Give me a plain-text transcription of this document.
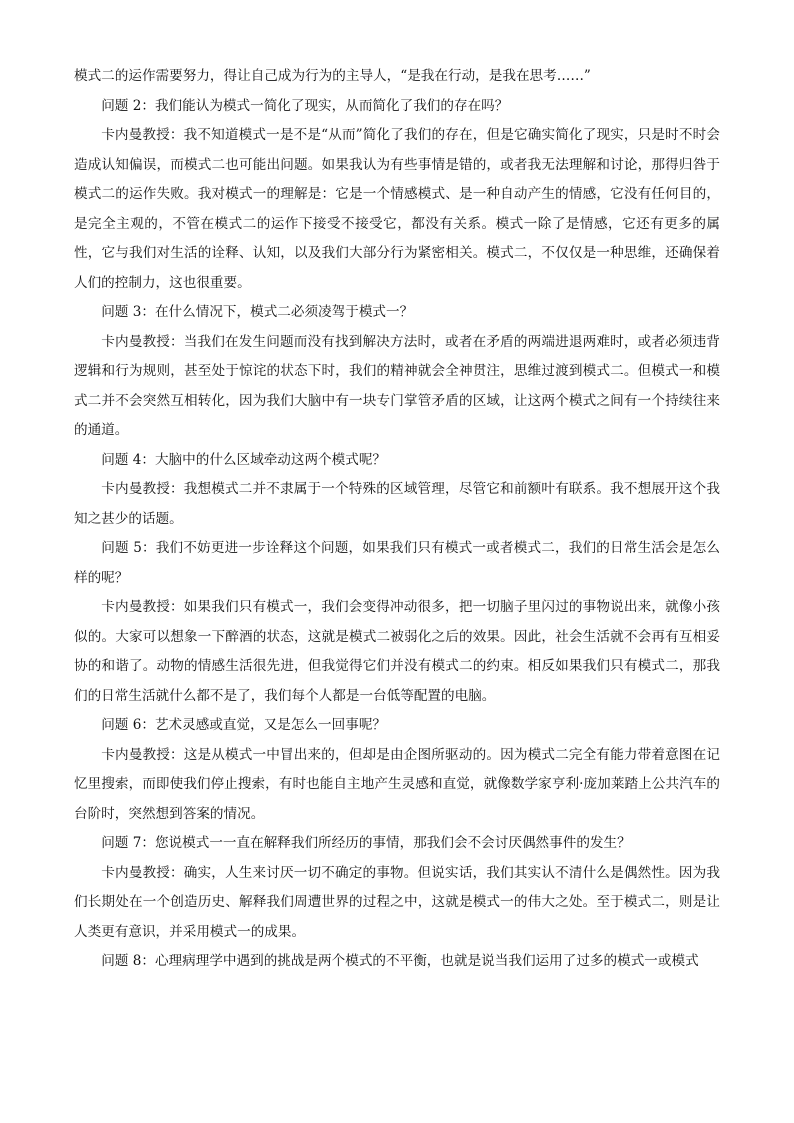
模式二的运作需要努力，得让自己成为行为的主导人，“是我在行动，是我在思考……”

问题 2：我们能认为模式一简化了现实，从而简化了我们的存在吗？

卡内曼教授：我不知道模式一是不是“从而”简化了我们的存在，但是它确实简化了现实，只是时不时会造成认知偏误，而模式二也可能出问题。如果我认为有些事情是错的，或者我无法理解和讨论，那得归咎于模式二的运作失败。我对模式一的理解是：它是一个情感模式、是一种自动产生的情感，它没有任何目的，是完全主观的，不管在模式二的运作下接受不接受它，都没有关系。模式一除了是情感，它还有更多的属性，它与我们对生活的诠释、认知，以及我们大部分行为紧密相关。模式二，不仅仅是一种思维，还确保着人们的控制力，这也很重要。

问题 3：在什么情况下，模式二必须凌驾于模式一？

卡内曼教授：当我们在发生问题而没有找到解决方法时，或者在矛盾的两端进退两难时，或者必须违背逻辑和行为规则，甚至处于惊诧的状态下时，我们的精神就会全神贯注，思维过渡到模式二。但模式一和模式二并不会突然互相转化，因为我们大脑中有一块专门掌管矛盾的区域，让这两个模式之间有一个持续往来的通道。

问题 4：大脑中的什么区域牵动这两个模式呢？

卡内曼教授：我想模式二并不隶属于一个特殊的区域管理，尽管它和前额叶有联系。我不想展开这个我知之甚少的话题。

问题 5：我们不妨更进一步诠释这个问题，如果我们只有模式一或者模式二，我们的日常生活会是怎么样的呢？

卡内曼教授：如果我们只有模式一，我们会变得冲动很多，把一切脑子里闪过的事物说出来，就像小孩似的。大家可以想象一下醉酒的状态，这就是模式二被弱化之后的效果。因此，社会生活就不会再有互相妥协的和谐了。动物的情感生活很先进，但我觉得它们并没有模式二的约束。相反如果我们只有模式二，那我们的日常生活就什么都不是了，我们每个人都是一台低等配置的电脑。

问题 6：艺术灵感或直觉，又是怎么一回事呢？

卡内曼教授：这是从模式一中冒出来的，但却是由企图所驱动的。因为模式二完全有能力带着意图在记忆里搜索，而即使我们停止搜索，有时也能自主地产生灵感和直觉，就像数学家亨利·庞加莱踏上公共汽车的台阶时，突然想到答案的情况。

问题 7：您说模式一一直在解释我们所经历的事情，那我们会不会讨厌偶然事件的发生？

卡内曼教授：确实，人生来讨厌一切不确定的事物。但说实话，我们其实认不清什么是偶然性。因为我们长期处在一个创造历史、解释我们周遭世界的过程之中，这就是模式一的伟大之处。至于模式二，则是让人类更有意识，并采用模式一的成果。

问题 8：心理病理学中遇到的挑战是两个模式的不平衡，也就是说当我们运用了过多的模式一或模式
